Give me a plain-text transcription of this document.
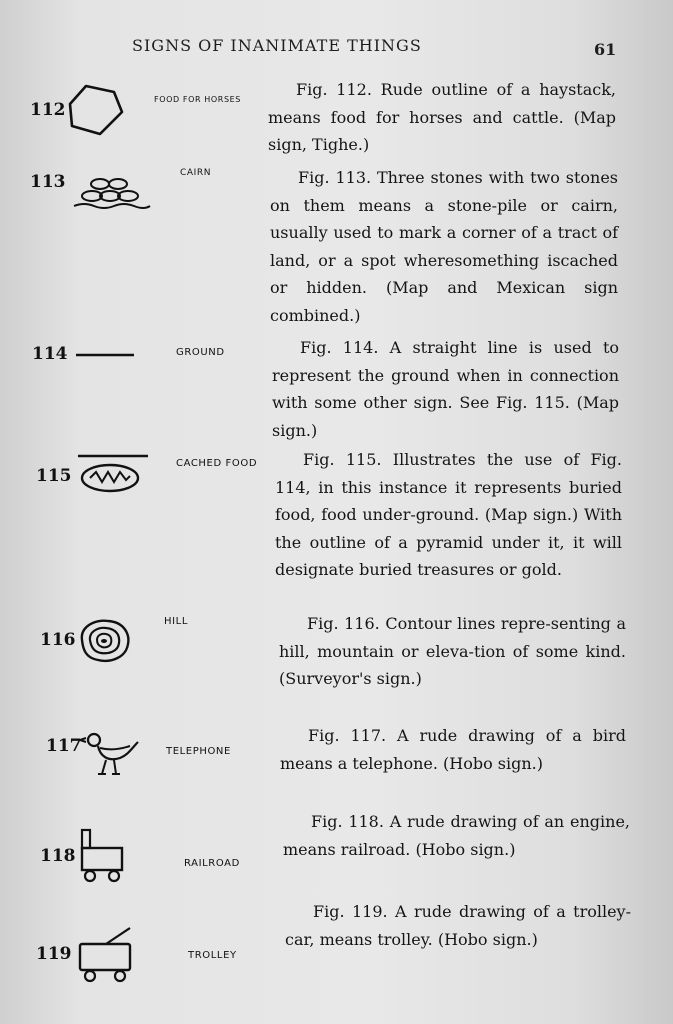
SIGNS OF INANIMATE THINGS	61
112
FOOD FOR HORSES

Fig. 112. Rude outline of a haystack, means food for horses and cattle. (Map sign, Tighe.)

113	CAIRN	Fig. 113. Three stones with two stones on them means a stone-pile or cairn, usually used to mark a corner of a tract of land, or a spot wheresomething iscached or hidden. (Map and Mexican sign combined.)

114	GROUND	Fig. 114. A straight line is used to represent the ground when in connection with some other sign. See Fig. 115. (Map sign.)

115
CACHED FOOD	Fig. 115. Illustrates the use of Fig. 114, in this instance it represents buried food, food under-ground. (Map sign.) With the outline of a pyramid under it, it will designate buried treasures or gold.

116
HILL	Fig. 116. Contour lines repre-senting a hill, mountain or eleva-tion of some kind. (Surveyor's sign.)

117	TELEPHONE

Fig. 117. A rude drawing of a bird means a telephone. (Hobo sign.)

118	RAILROAD

Fig. 118. A rude drawing of an engine, means railroad. (Hobo sign.)

119	TROLLEY

Fig. 119. A rude drawing of a trolley-car, means trolley. (Hobo sign.)
